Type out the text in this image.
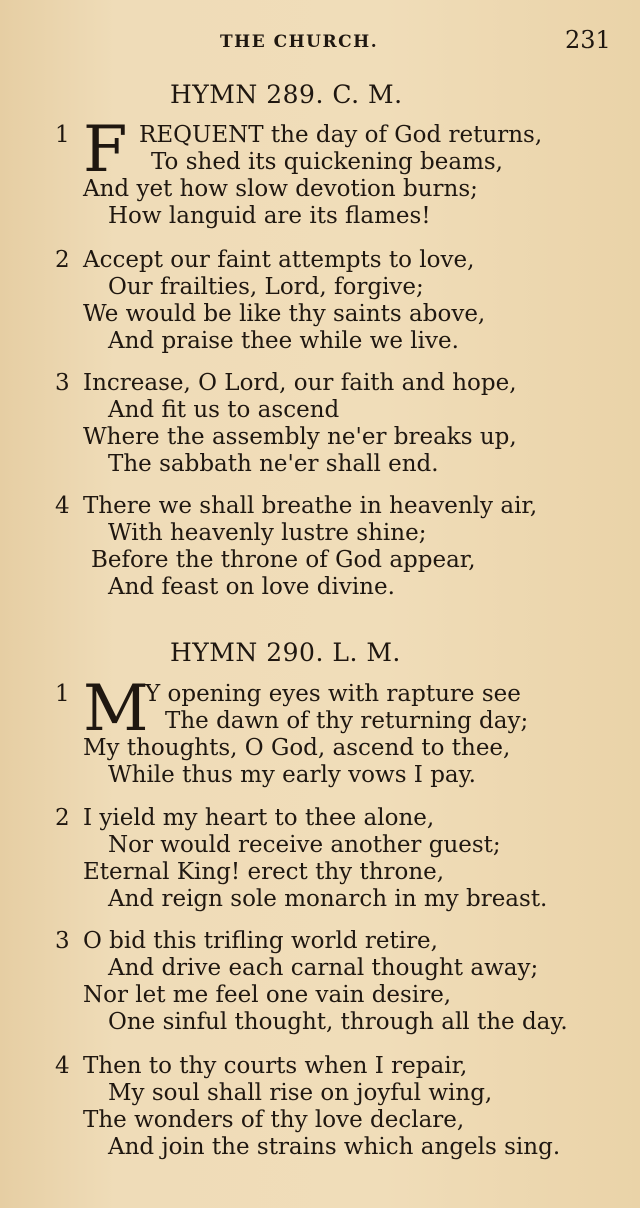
THE CHURCH.	231
HYMN 289. C. M.
1 F REQUENT the day of God returns,
To shed its quickening beams,
And yet how slow devotion burns;
How languid are its flames!
2 Accept our faint attempts to love,
Our frailties, Lord, forgive;
We would be like thy saints above,
And praise thee while we live.
3 Increase, O Lord, our faith and hope,
And fit us to ascend
Where the assembly ne'er breaks up,
The sabbath ne'er shall end.
4 There we shall breathe in heavenly air,
With heavenly lustre shine;
Before the throne of God appear,
And feast on love divine.
HYMN 290. L. M.
1 M
Y opening eyes with rapture see
The dawn of thy returning day;
My thoughts, O God, ascend to thee,
While thus my early vows I pay.
2 I yield my heart to thee alone,
Nor would receive another guest;
Eternal King! erect thy throne,
And reign sole monarch in my breast.
3 O bid this trifling world retire,
And drive each carnal thought away;
Nor let me feel one vain desire,
One sinful thought, through all the day.
4 Then to thy courts when I repair,
My soul shall rise on joyful wing,
The wonders of thy love declare,
And join the strains which angels sing.
